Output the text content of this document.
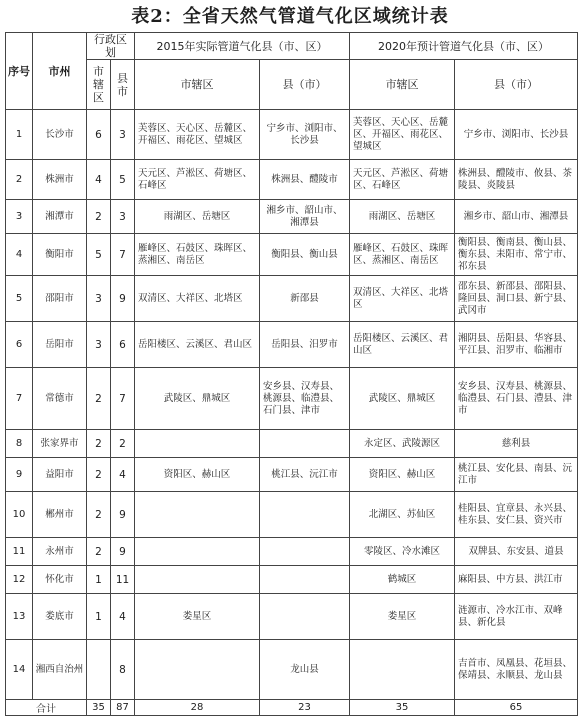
表2：全省天然气管道气化区域统计表
序号	市州	行政区划		2015年实际管道气化县（市、区）		2020年预计管道气化县（市、区）	
		市辖区	县市	市辖区	县（市）	市辖区	县（市）
1	长沙市	6	3	芙蓉区、天心区、岳麓区、开福区、雨花区、望城区	宁乡市、浏阳市、长沙县	芙蓉区、天心区、岳麓区、开福区、雨花区、望城区	宁乡市、浏阳市、长沙县
2	株洲市	4	5	天元区、芦淞区、荷塘区、石峰区	株洲县、醴陵市	天元区、芦淞区、荷塘区、石峰区	株洲县、醴陵市、攸县、茶陵县、炎陵县
3	湘潭市	2	3	雨湖区、岳塘区	湘乡市、韶山市、湘潭县	雨湖区、岳塘区	湘乡市、韶山市、湘潭县
4	衡阳市	5	7	雁峰区、石鼓区、珠晖区、蒸湘区、南岳区	衡阳县、衡山县	雁峰区、石鼓区、珠晖区、蒸湘区、南岳区	衡阳县、衡南县、衡山县、衡东县、耒阳市、常宁市、祁东县
5	邵阳市	3	9	双清区、大祥区、北塔区	新邵县	双清区、大祥区、北塔区	邵东县、新邵县、邵阳县、隆回县、洞口县、新宁县、武冈市
6	岳阳市	3	6	岳阳楼区、云溪区、君山区	岳阳县、汨罗市	岳阳楼区、云溪区、君山区	湘阴县、岳阳县、华容县、平江县、汨罗市、临湘市
7	常德市	2	7	武陵区、鼎城区	安乡县、汉寿县、桃源县、临澧县、石门县、津市	武陵区、鼎城区	安乡县、汉寿县、桃源县、临澧县、石门县、澧县、津市
8	张家界市	2	2			永定区、武陵源区	慈利县
9	益阳市	2	4	资阳区、赫山区	桃江县、沅江市	资阳区、赫山区	桃江县、安化县、南县、沅江市
10	郴州市	2	9			北湖区、苏仙区	桂阳县、宜章县、永兴县、桂东县、安仁县、资兴市
11	永州市	2	9			零陵区、冷水滩区	双牌县、东安县、道县
12	怀化市	1	11			鹤城区	麻阳县、中方县、洪江市
13	娄底市	1	4	娄星区		娄星区	涟源市、冷水江市、双峰县、新化县
14	湘西自治州		8		龙山县		吉首市、凤凰县、花垣县、保靖县、永顺县、龙山县
合计		35	87	28	23	35	65
